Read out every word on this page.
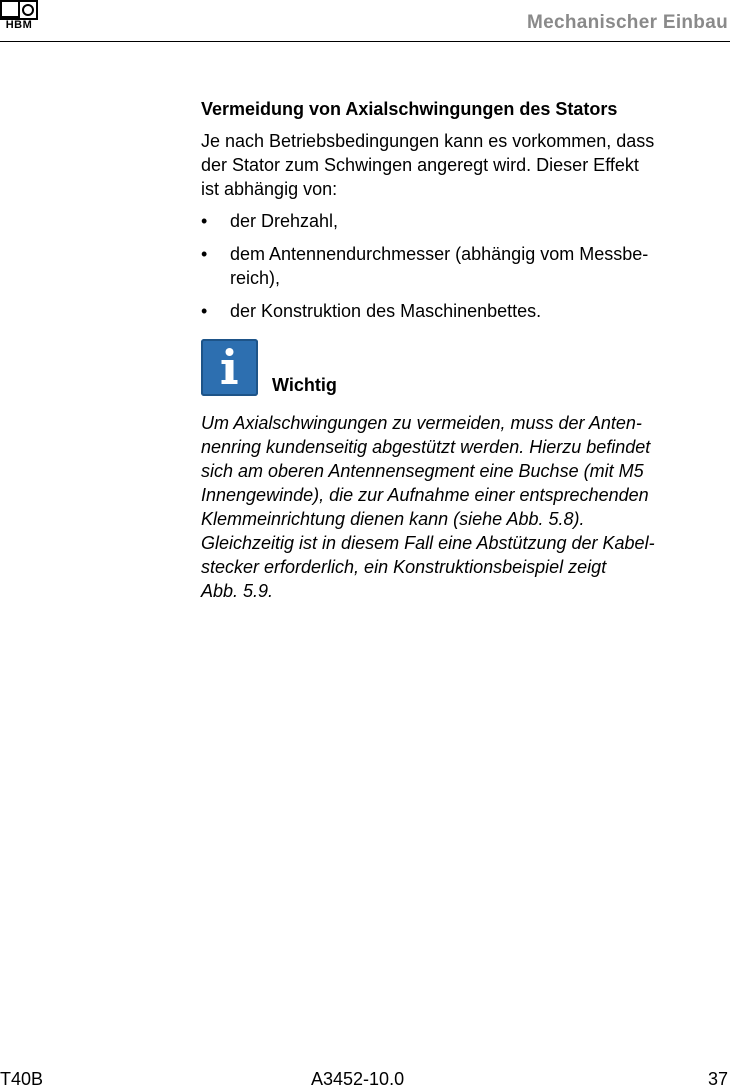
HBM	Mechanischer Einbau
Vermeidung von Axialschwingungen des Stators
Je nach Betriebsbedingungen kann es vorkommen, dass
der Stator zum Schwingen angeregt wird. Dieser Effekt
ist abhängig von:
• der Drehzahl,
• dem Antennendurchmesser (abhängig vom Messbe-
reich),
• der Konstruktion des Maschinenbettes.
Wichtig
Um Axialschwingungen zu vermeiden, muss der Anten-
nenring kundenseitig abgestützt werden. Hierzu befindet
sich am oberen Antennensegment eine Buchse (mit M5
Innengewinde), die zur Aufnahme einer entsprechenden
Klemmeinrichtung dienen kann (siehe Abb. 5.8).
Gleichzeitig ist in diesem Fall eine Abstützung der Kabel-
stecker erforderlich, ein Konstruktionsbeispiel zeigt
Abb. 5.9.
T40B	A3452-10.0	37
